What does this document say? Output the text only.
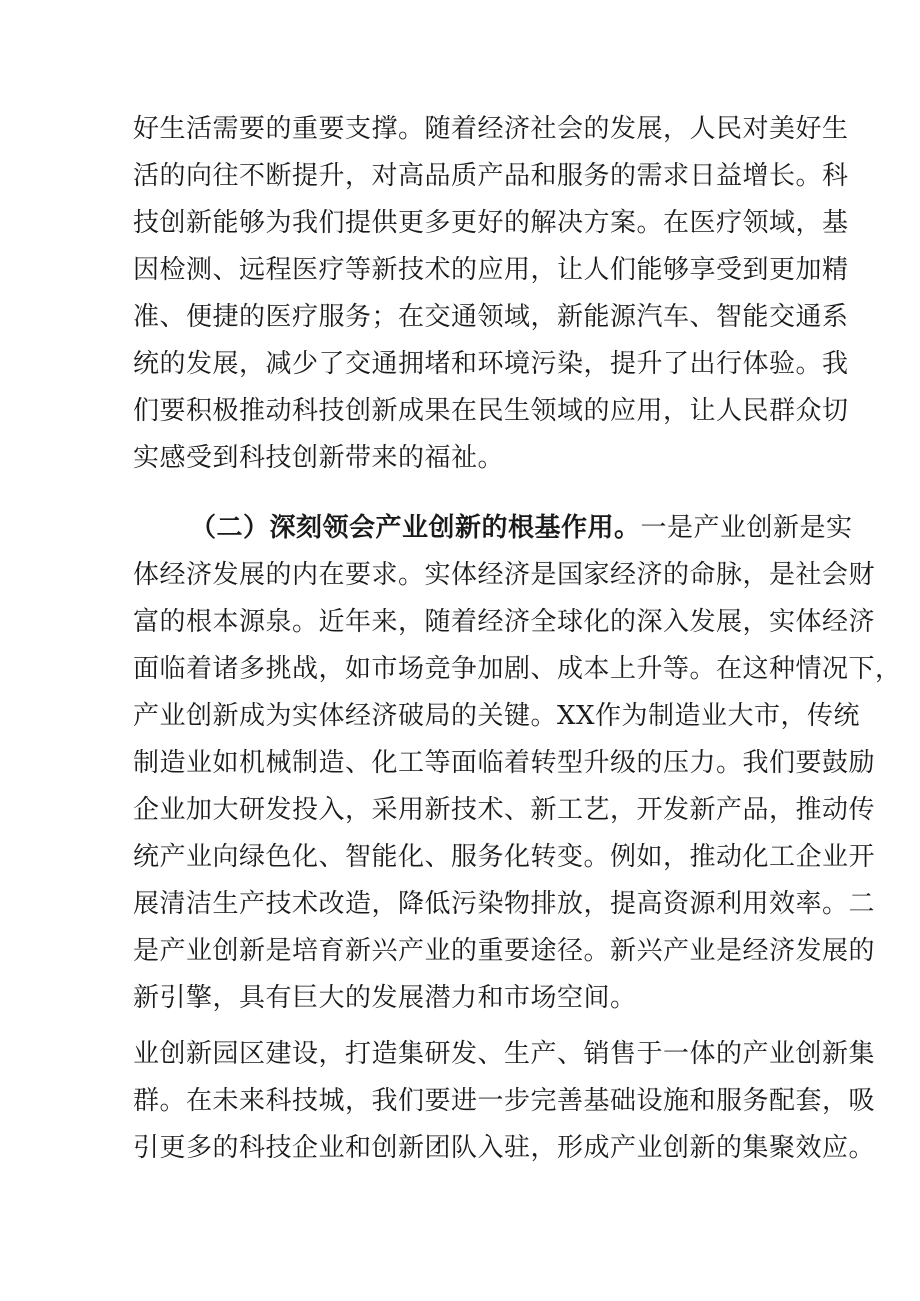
好生活需要的重要支撑。随着经济社会的发展，人民对美好生
活的向往不断提升，对高品质产品和服务的需求日益增长。科
技创新能够为我们提供更多更好的解决方案。在医疗领域，基
因检测、远程医疗等新技术的应用，让人们能够享受到更加精
准、便捷的医疗服务；在交通领域，新能源汽车、智能交通系
统的发展，减少了交通拥堵和环境污染，提升了出行体验。我
们要积极推动科技创新成果在民生领域的应用，让人民群众切
实感受到科技创新带来的福祉。
（二）深刻领会产业创新的根基作用。一是产业创新是实
体经济发展的内在要求。实体经济是国家经济的命脉，是社会财
富的根本源泉。近年来，随着经济全球化的深入发展，实体经济
面临着诸多挑战，如市场竞争加剧、成本上升等。在这种情况下，
产业创新成为实体经济破局的关键。XX作为制造业大市，传统
制造业如机械制造、化工等面临着转型升级的压力。我们要鼓励
企业加大研发投入，采用新技术、新工艺，开发新产品，推动传
统产业向绿色化、智能化、服务化转变。例如，推动化工企业开
展清洁生产技术改造，降低污染物排放，提高资源利用效率。二
是产业创新是培育新兴产业的重要途径。新兴产业是经济发展的
新引擎，具有巨大的发展潜力和市场空间。
业创新园区建设，打造集研发、生产、销售于一体的产业创新集
群。在未来科技城，我们要进一步完善基础设施和服务配套，吸
引更多的科技企业和创新团队入驻，形成产业创新的集聚效应。
